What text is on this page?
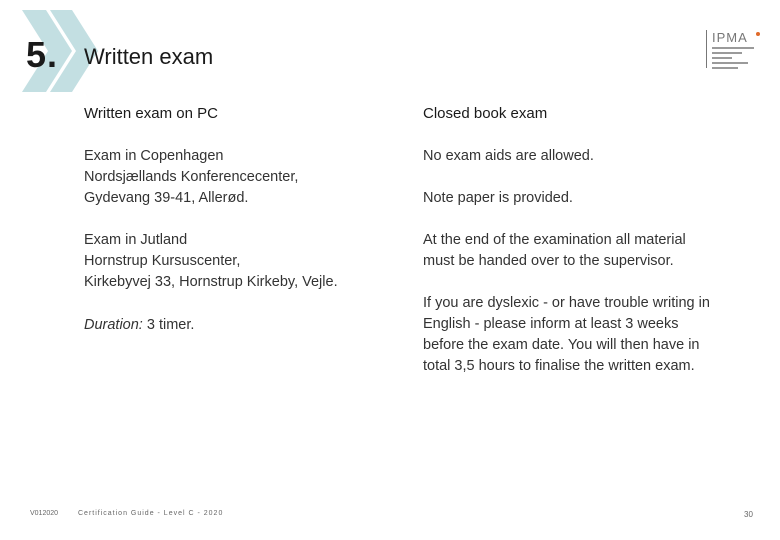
5. Written exam
IPMA
Written exam on PC

Exam in Copenhagen

Nordsjællands Konferencecenter,

Gydevang 39-41, Allerød.

Exam in Jutland

Hornstrup Kursuscenter,

Kirkebyvej 33, Hornstrup Kirkeby, Vejle.

Duration: 3 timer.

Closed book exam

No exam aids are allowed.

Note paper is provided.

At the end of the examination all material

must be handed over to the supervisor.

If you are dyslexic - or have trouble writing in

English - please inform at least 3 weeks

before the exam date. You will then have in

total 3,5 hours to finalise the written exam.

V012020	Certification Guide - Level C - 2020	30
